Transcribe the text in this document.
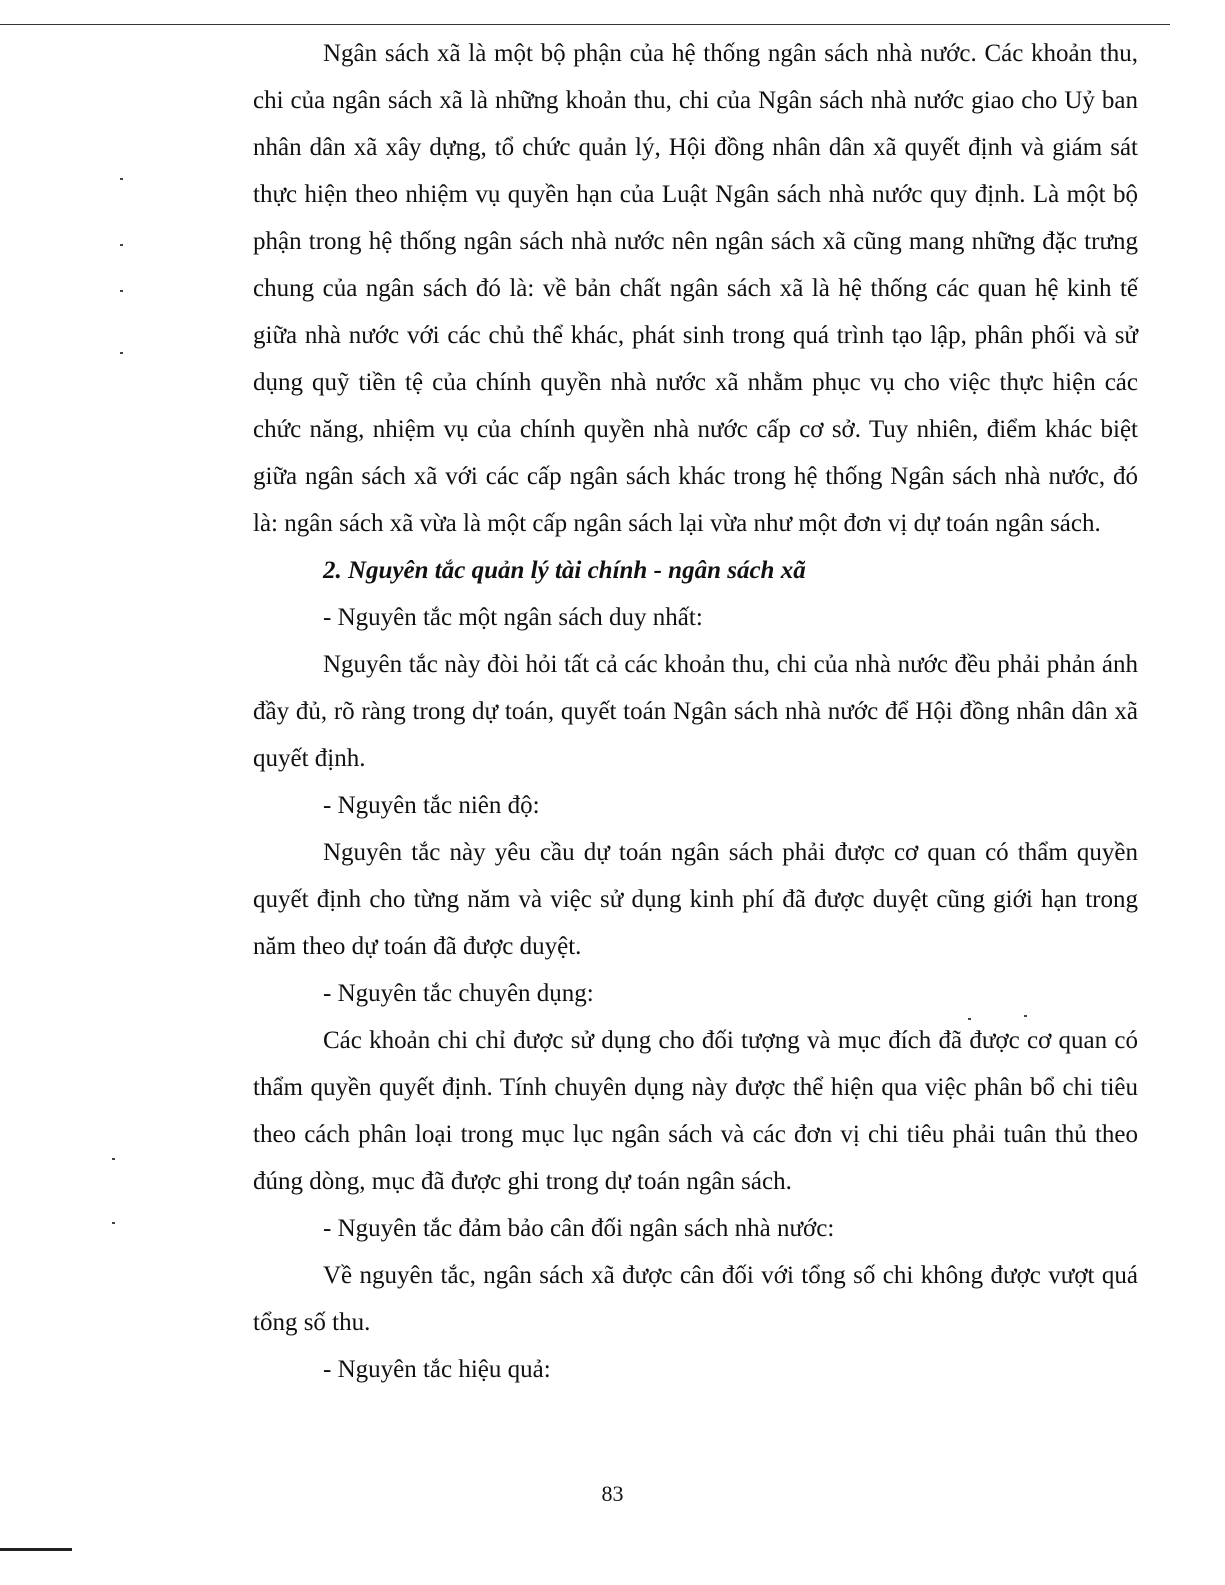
Ngân sách xã là một bộ phận của hệ thống ngân sách nhà nước. Các khoản thu, chi của ngân sách xã là những khoản thu, chi của Ngân sách nhà nước giao cho Uỷ ban nhân dân xã xây dựng, tổ chức quản lý, Hội đồng nhân dân xã quyết định và giám sát thực hiện theo nhiệm vụ quyền hạn của Luật Ngân sách nhà nước quy định. Là một bộ phận trong hệ thống ngân sách nhà nước nên ngân sách xã cũng mang những đặc trưng chung của ngân sách đó là: về bản chất ngân sách xã là hệ thống các quan hệ kinh tế giữa nhà nước với các chủ thể khác, phát sinh trong quá trình tạo lập, phân phối và sử dụng quỹ tiền tệ của chính quyền nhà nước xã nhằm phục vụ cho việc thực hiện các chức năng, nhiệm vụ của chính quyền nhà nước cấp cơ sở. Tuy nhiên, điểm khác biệt giữa ngân sách xã với các cấp ngân sách khác trong hệ thống Ngân sách nhà nước, đó là: ngân sách xã vừa là một cấp ngân sách lại vừa như một đơn vị dự toán ngân sách.

2. Nguyên tắc quản lý tài chính - ngân sách xã

- Nguyên tắc một ngân sách duy nhất:

Nguyên tắc này đòi hỏi tất cả các khoản thu, chi của nhà nước đều phải phản ánh đầy đủ, rõ ràng trong dự toán, quyết toán Ngân sách nhà nước để Hội đồng nhân dân xã quyết định.

- Nguyên tắc niên độ:

Nguyên tắc này yêu cầu dự toán ngân sách phải được cơ quan có thẩm quyền quyết định cho từng năm và việc sử dụng kinh phí đã được duyệt cũng giới hạn trong năm theo dự toán đã được duyệt.

- Nguyên tắc chuyên dụng:

Các khoản chi chỉ được sử dụng cho đối tượng và mục đích đã được cơ quan có thẩm quyền quyết định. Tính chuyên dụng này được thể hiện qua việc phân bổ chi tiêu theo cách phân loại trong mục lục ngân sách và các đơn vị chi tiêu phải tuân thủ theo đúng dòng, mục đã được ghi trong dự toán ngân sách.

- Nguyên tắc đảm bảo cân đối ngân sách nhà nước:

Về nguyên tắc, ngân sách xã được cân đối với tổng số chi không được vượt quá tổng số thu.

- Nguyên tắc hiệu quả:

83
